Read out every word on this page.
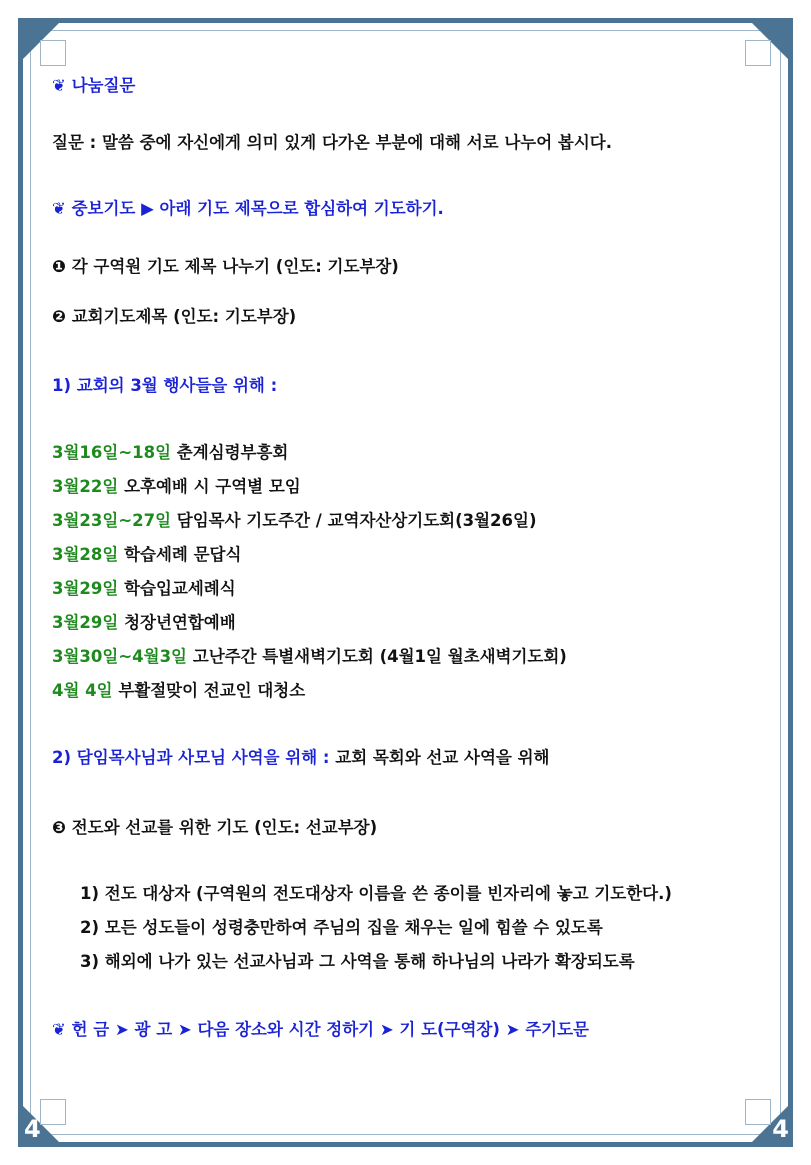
4	4
❦ 나눔질문
질문 : 말씀 중에 자신에게 의미 있게 다가온 부분에 대해 서로 나누어 봅시다.
❦ 중보기도 ▶ 아래 기도 제목으로 합심하여 기도하기.
❶ 각 구역원 기도 제목 나누기 (인도: 기도부장)
❷ 교회기도제목 (인도: 기도부장)
1) 교회의 3월 행사들을 위해 :
3월16일~18일 춘계심령부흥회
3월22일 오후예배 시 구역별 모임
3월23일~27일 담임목사 기도주간 / 교역자산상기도회(3월26일)
3월28일 학습세례 문답식
3월29일 학습입교세례식
3월29일 청장년연합예배
3월30일~4월3일 고난주간 특별새벽기도회 (4월1일 월초새벽기도회)
4월 4일 부활절맞이 전교인 대청소
2) 담임목사님과 사모님 사역을 위해 : 교회 목회와 선교 사역을 위해
❸ 전도와 선교를 위한 기도 (인도: 선교부장)
1) 전도 대상자 (구역원의 전도대상자 이름을 쓴 종이를 빈자리에 놓고 기도한다.)
2) 모든 성도들이 성령충만하여 주님의 집을 채우는 일에 힘쓸 수 있도록
3) 해외에 나가 있는 선교사님과 그 사역을 통해 하나님의 나라가 확장되도록
❦ 헌 금 ➤ 광 고 ➤ 다음 장소와 시간 정하기 ➤ 기 도(구역장) ➤ 주기도문
